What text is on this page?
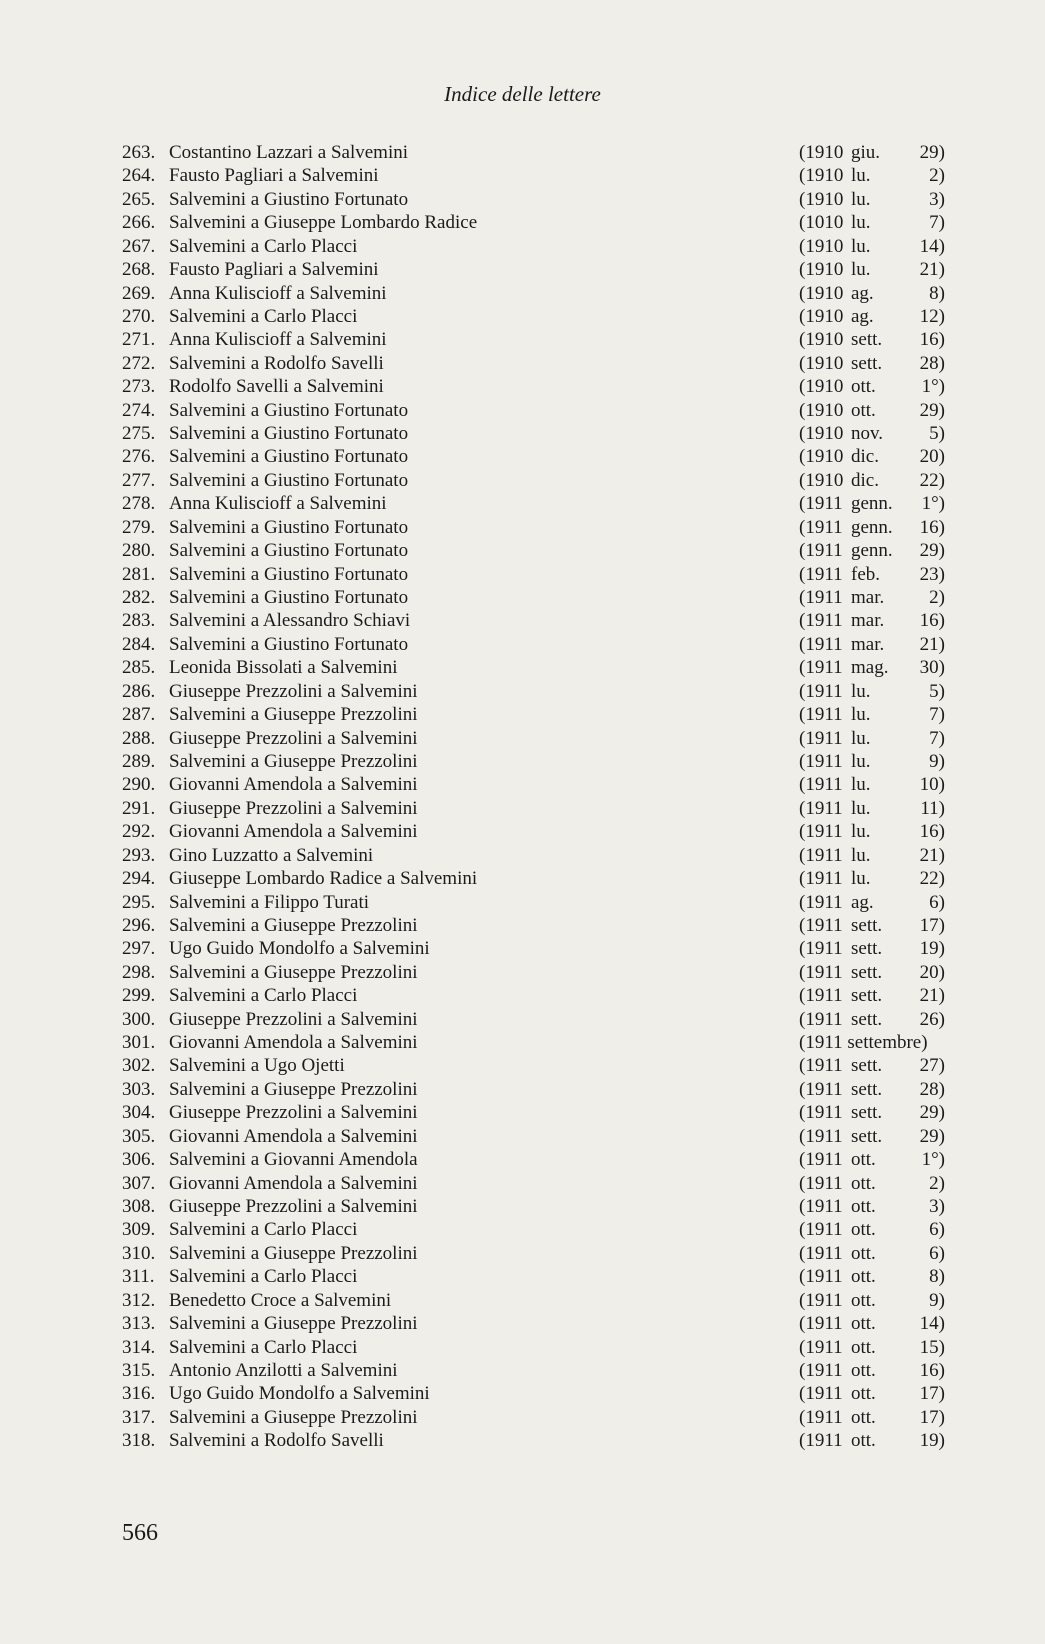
Indice delle lettere
263. Costantino Lazzari a Salvemini	(1910 giu. 29)
264. Fausto Pagliari a Salvemini	(1910 lu.	2)
265. Salvemini a Giustino Fortunato	(1910 lu.	3)
266. Salvemini a Giuseppe Lombardo Radice	(1010 lu.	7)
267. Salvemini a Carlo Placci	(1910 lu.	14)
268. Fausto Pagliari a Salvemini	(1910 lu.	21)
269. Anna Kuliscioff a Salvemini	(1910 ag.	8)
270. Salvemini a Carlo Placci	(1910 ag. 12)
271. Anna Kuliscioff a Salvemini	(1910 sett. 16)
272. Salvemini a Rodolfo Savelli	(1910 sett. 28)
273. Rodolfo Savelli a Salvemini	(1910 ott. 1°)
274. Salvemini a Giustino Fortunato	(1910 ott. 29)
275. Salvemini a Giustino Fortunato	(1910 nov. 5)
276. Salvemini a Giustino Fortunato	(1910 dic. 20)
277. Salvemini a Giustino Fortunato	(1910 dic. 22)
278. Anna Kuliscioff a Salvemini	(1911 genn. 1°)
279. Salvemini a Giustino Fortunato	(1911 genn. 16)
280. Salvemini a Giustino Fortunato	(1911 genn. 29)
281. Salvemini a Giustino Fortunato	(1911 feb. 23)
282. Salvemini a Giustino Fortunato	(1911 mar. 2)
283. Salvemini a Alessandro Schiavi	(1911 mar. 16)
284. Salvemini a Giustino Fortunato	(1911 mar. 21)
285. Leonida Bissolati a Salvemini	(1911 mag. 30)
286. Giuseppe Prezzolini a Salvemini	(1911 lu.	5)
287. Salvemini a Giuseppe Prezzolini	(1911 lu.	7)
288. Giuseppe Prezzolini a Salvemini	(1911 lu.	7)
289. Salvemini a Giuseppe Prezzolini	(1911 lu.	9)
290. Giovanni Amendola a Salvemini	(1911 lu.	10)
291. Giuseppe Prezzolini a Salvemini	(1911 lu.	11)
292. Giovanni Amendola a Salvemini	(1911 lu.	16)
293. Gino Luzzatto a Salvemini	(1911 lu.	21)
294. Giuseppe Lombardo Radice a Salvemini	(1911 lu.	22)
295. Salvemini a Filippo Turati	(1911 ag.	6)
296. Salvemini a Giuseppe Prezzolini	(1911 sett. 17)
297. Ugo Guido Mondolfo a Salvemini	(1911 sett. 19)
298. Salvemini a Giuseppe Prezzolini	(1911 sett. 20)
299. Salvemini a Carlo Placci	(1911 sett. 21)
300. Giuseppe Prezzolini a Salvemini	(1911 sett. 26)
301. Giovanni Amendola a Salvemini	(1911 settembre)
302. Salvemini a Ugo Ojetti	(1911 sett. 27)
303. Salvemini a Giuseppe Prezzolini	(1911 sett. 28)
304. Giuseppe Prezzolini a Salvemini	(1911 sett. 29)
305. Giovanni Amendola a Salvemini	(1911 sett. 29)
306. Salvemini a Giovanni Amendola	(1911 ott. 1°)
307. Giovanni Amendola a Salvemini	(1911 ott.	2)
308. Giuseppe Prezzolini a Salvemini	(1911 ott.	3)
309. Salvemini a Carlo Placci	(1911 ott.	6)
310. Salvemini a Giuseppe Prezzolini	(1911 ott.	6)
311. Salvemini a Carlo Placci	(1911 ott.	8)
312. Benedetto Croce a Salvemini	(1911 ott.	9)
313. Salvemini a Giuseppe Prezzolini	(1911 ott. 14)
314. Salvemini a Carlo Placci	(1911 ott. 15)
315. Antonio Anzilotti a Salvemini	(1911 ott. 16)
316. Ugo Guido Mondolfo a Salvemini	(1911 ott. 17)
317. Salvemini a Giuseppe Prezzolini	(1911 ott. 17)
318. Salvemini a Rodolfo Savelli	(1911 ott. 19)
566
